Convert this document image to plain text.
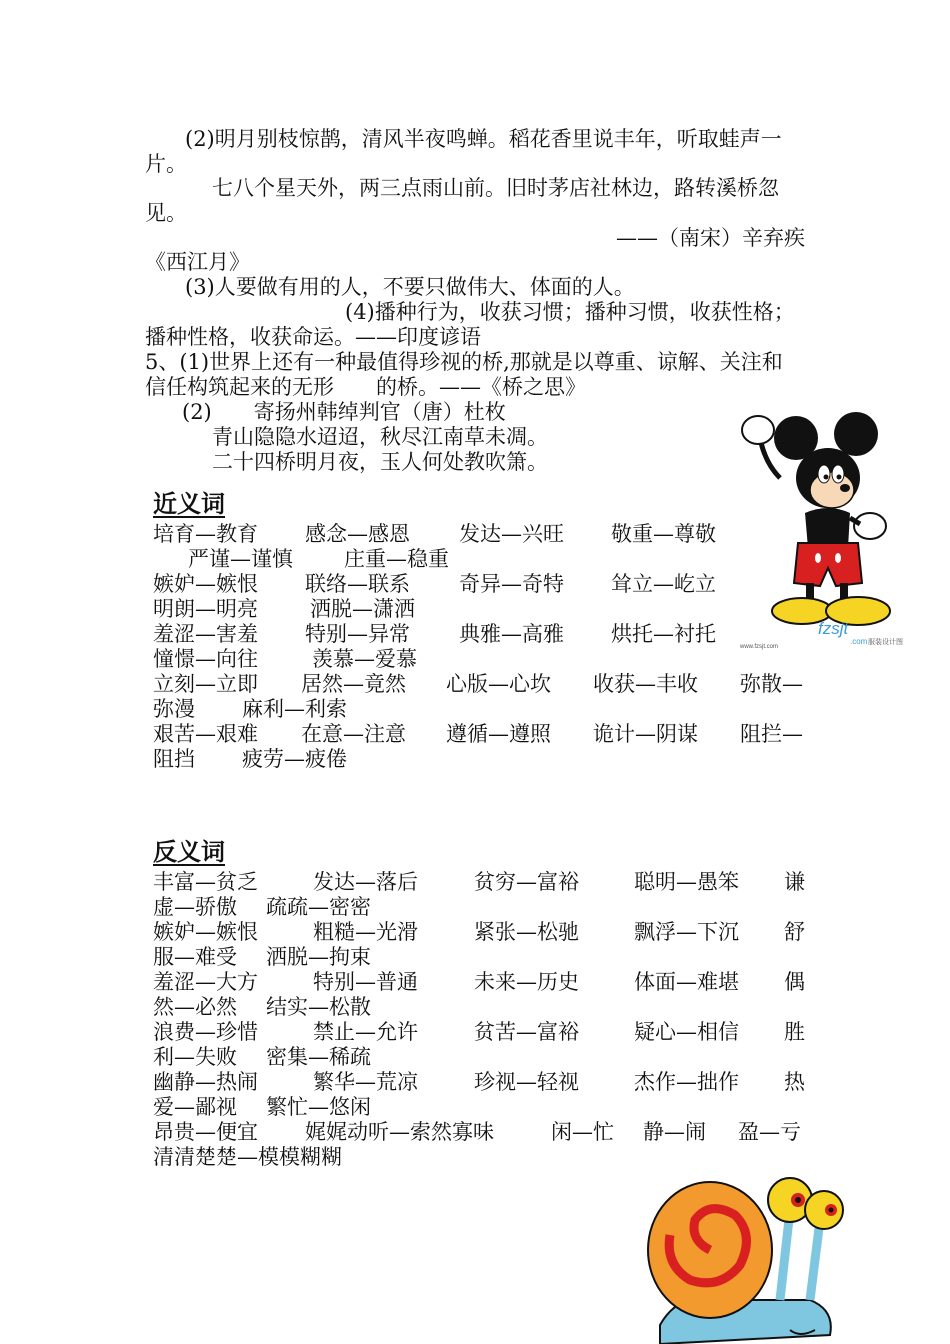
(2)明月别枝惊鹊，清风半夜鸣蝉。稻花香里说丰年，听取蛙声一
片。
七八个星天外，两三点雨山前。旧时茅店社林边，路转溪桥忽
见。
——（南宋）辛弃疾
《西江月》
(3)人要做有用的人，不要只做伟大、体面的人。
(4)播种行为，收获习惯；播种习惯，收获性格；
播种性格，收获命运。——印度谚语
5、(1)世界上还有一种最值得珍视的桥,那就是以尊重、谅解、关注和
信任构筑起来的无形　　的桥。——《桥之思》
(2)　　寄扬州韩绰判官（唐）杜枚
青山隐隐水迢迢，秋尽江南草未凋。
二十四桥明月夜，玉人何处教吹箫。
近义词
培育—教育 感念—感恩 发达—兴旺 敬重—尊敬
严谨—谨慎 庄重—稳重
嫉妒—嫉恨 联络—联系 奇异—奇特 耸立—屹立
明朗—明亮 洒脱—潇洒
羞涩—害羞 特别—异常 典雅—高雅 烘托—衬托
憧憬—向往	羡慕—爱慕
立刻—立即 居然—竟然 心版—心坎 收获—丰收 弥散—
弥漫 麻利—利索
艰苦—艰难 在意—注意 遵循—遵照 诡计—阴谋 阻拦—
阻挡 疲劳—疲倦
反义词
丰富—贫乏	发达—落后	贫穷—富裕	聪明—愚笨 谦
虚—骄傲 疏疏—密密
嫉妒—嫉恨	粗糙—光滑	紧张—松驰	飘浮—下沉 舒
服—难受 洒脱—拘束
羞涩—大方	特别—普通	未来—历史	体面—难堪 偶
然—必然 结实—松散
浪费—珍惜	禁止—允许	贫苦—富裕	疑心—相信 胜
利—失败 密集—稀疏
幽静—热闹	繁华—荒凉	珍视—轻视	杰作—拙作 热
爱—鄙视 繁忙—悠闲
昂贵—便宜 娓娓动听—索然寡味	闲—忙 静—闹 盈—亏
清清楚楚—模模糊糊
fzsjt
.com 服装设计图
www.fzsjt.com
